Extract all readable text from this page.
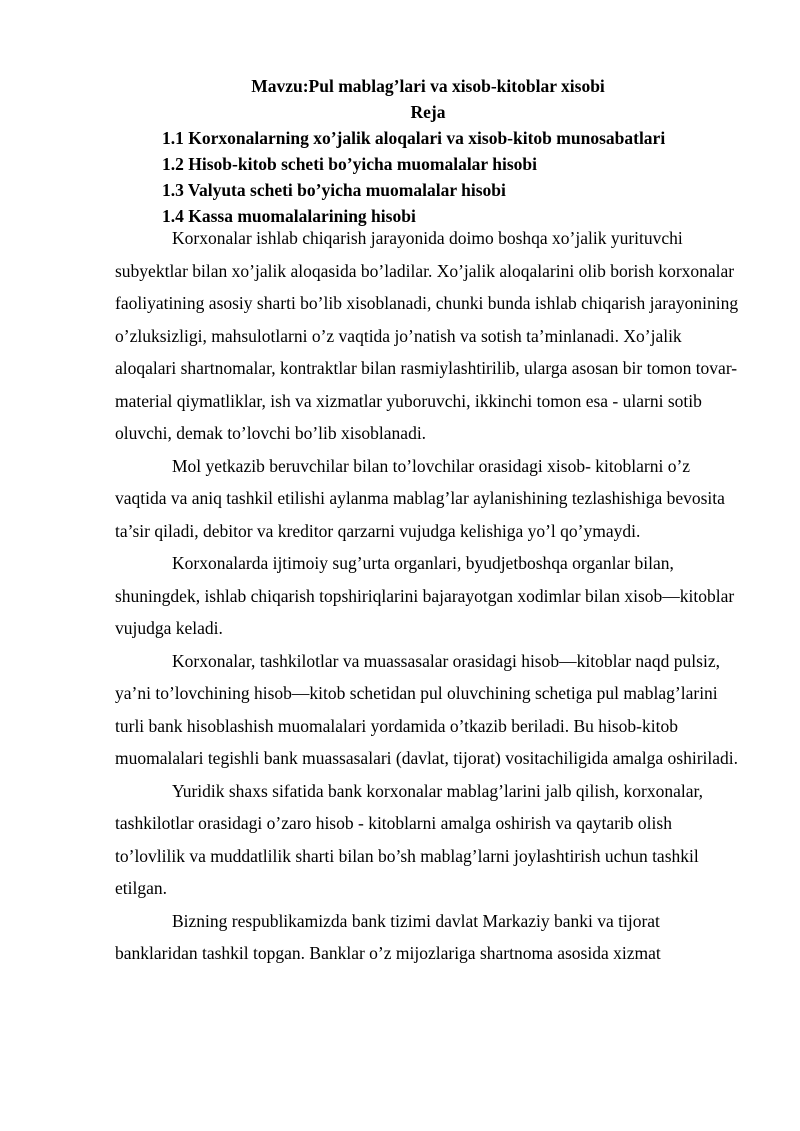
Mavzu:Pul mablag’lari va xisob-kitoblar xisobi
Reja
1.1 Korxonalarning xo’jalik aloqalari va xisob-kitob munosabatlari
1.2 Hisob-kitob scheti bo’yicha muomalalar hisobi
1.3 Valyuta scheti bo’yicha muomalalar hisobi
1.4 Kassa muomalalarining hisobi

Korxonalar ishlab chiqarish jarayonida doimo boshqa xo’jalik yurituvchi subyektlar bilan xo’jalik aloqasida bo’ladilar. Xo’jalik aloqalarini olib borish korxonalar faoliyatining asosiy sharti bo’lib xisoblanadi, chunki bunda ishlab chiqarish jarayonining o’zluksizligi, mahsulotlarni o’z vaqtida jo’natish va sotish ta’minlanadi. Xo’jalik aloqalari shartnomalar, kontraktlar bilan rasmiylashtirilib, ularga asosan bir tomon tovar-material qiymatliklar, ish va xizmatlar yuboruvchi, ikkinchi tomon esa - ularni sotib oluvchi, demak to’lovchi bo’lib xisoblanadi.

Mol yetkazib beruvchilar bilan to’lovchilar orasidagi xisob- kitoblarni o’z vaqtida va aniq tashkil etilishi aylanma mablag’lar aylanishining tezlashishiga bevosita ta’sir qiladi, debitor va kreditor qarzarni vujudga kelishiga yo’l qo’ymaydi.

Korxonalarda ijtimoiy sug’urta organlari, byudjetboshqa organlar bilan, shuningdek, ishlab chiqarish topshiriqlarini bajarayotgan xodimlar bilan xisob—kitoblar vujudga keladi.

Korxonalar, tashkilotlar va muassasalar orasidagi hisob—kitoblar naqd pulsiz, ya’ni to’lovchining hisob—kitob schetidan pul oluvchining schetiga pul mablag’larini turli bank hisoblashish muomalalari yordamida o’tkazib beriladi. Bu hisob-kitob muomalalari tegishli bank muassasalari (davlat, tijorat) vositachiligida amalga oshiriladi.

Yuridik shaxs sifatida bank korxonalar mablag’larini jalb qilish, korxonalar, tashkilotlar orasidagi o’zaro hisob - kitoblarni amalga oshirish va qaytarib olish to’lovlilik va muddatlilik sharti bilan bo’sh mablag’larni joylashtirish uchun tashkil etilgan.

Bizning respublikamizda bank tizimi davlat Markaziy banki va tijorat banklaridan tashkil topgan. Banklar o’z mijozlariga shartnoma asosida xizmat
